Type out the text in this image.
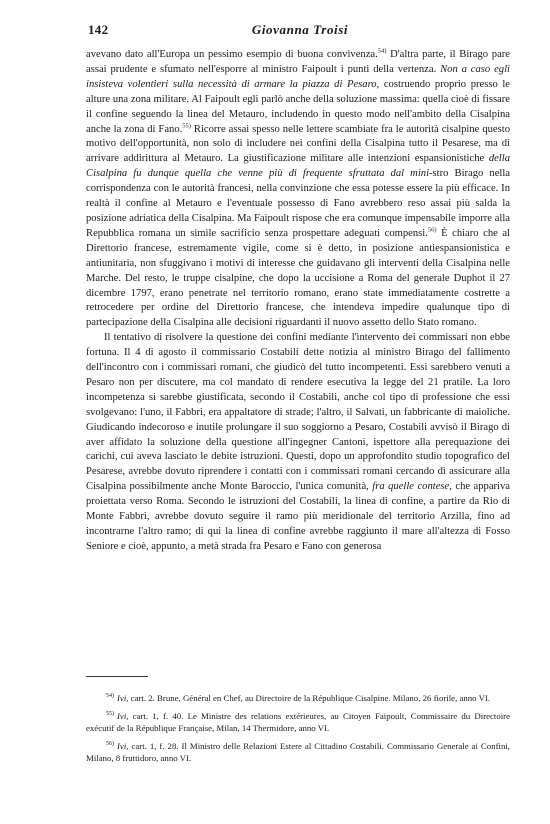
142	Giovanna Troisi

avevano dato all'Europa un pessimo esempio di buona convivenza.$^{54)}$ D'altra parte, il Birago pare assai prudente e sfumato nell'esporre al ministro Faipoult i punti della vertenza. Non a caso egli insisteva volentieri sulla necessità di armare la piazza di Pesaro, costruendo proprio presso le alture una zona militare. Al Faipoult egli parlò anche della soluzione massima: quella cioè di fissare il confine seguendo la linea del Metauro, includendo in questo modo nell'ambito della Cisalpina anche la zona di Fano.$^{55)}$ Ricorre assai spesso nelle lettere scambiate fra le autorità cisalpine questo motivo dell'opportunità, non solo di includere nei confini della Cisalpina tutto il Pesarese, ma di arrivare addirittura al Metauro. La giustificazione militare alle intenzioni espansionistiche della Cisalpina fu dunque quella che venne più di frequente sfruttata dal mini-stro Birago nella corrispondenza con le autorità francesi, nella convinzione che essa potesse essere la più efficace. In realtà il confine al Metauro e l'eventuale possesso di Fano avrebbero reso assai più salda la posizione adriatica della Cisalpina. Ma Faipoult rispose che era comunque impensabile imporre alla Repubblica romana un simile sacrificio senza prospettare adeguati compensi.$^{56)}$ È chiaro che al Direttorio francese, estremamente vigile, come si è detto, in posizione antiespansionistica e antiunitaria, non sfuggivano i motivi di interesse che guidavano gli interventi della Cisalpina nelle Marche. Del resto, le truppe cisalpine, che dopo la uccisione a Roma del generale Duphot il 27 dicembre 1797, erano penetrate nel territorio romano, erano state immediatamente costrette a retrocedere per ordine del Direttorio francese, che intendeva impedire qualunque tipo di partecipazione della Cisalpina alle decisioni riguardanti il nuovo assetto dello Stato romano.

Il tentativo di risolvere la questione dei confini mediante l'intervento dei commissari non ebbe fortuna. Il 4 di agosto il commissario Costabili dette notizia al ministro Birago del fallimento dell'incontro con i commissari romani, che giudicò del tutto incompetenti. Essi sarebbero venuti a Pesaro non per discutere, ma col mandato di rendere esecutiva la legge del 21 pratile. La loro incompetenza si sarebbe giustificata, secondo il Costabili, anche col tipo di professione che essi svolgevano: l'uno, il Fabbri, era appaltatore di strade; l'altro, il Salvati, un fabbricante di maioliche. Giudicando indecoroso e inutile prolungare il suo soggiorno a Pesaro, Costabili avvisò il Birago di aver affidato la soluzione della questione all'ingegner Cantoni, ispettore alla perequazione dei carichi, cui aveva lasciato le debite istruzioni. Questi, dopo un approfondito studio topografico del Pesarese, avrebbe dovuto riprendere i contatti con i commissari romani cercando di assicurare alla Cisalpina possibilmente anche Monte Baroccio, l'unica comunità, fra quelle contese, che appariva proiettata verso Roma. Secondo le istruzioni del Costabili, la linea di confine, a partire da Rio di Monte Fabbri, avrebbe dovuto seguire il ramo più meridionale del territorio Arzilla, fino ad incontrarne l'altro ramo; di qui la linea di confine avrebbe raggiunto il mare all'altezza di Fosso Seniore e cioè, appunto, a metà strada fra Pesaro e Fano con generosa

$^{54)}$ Ivi, cart. 2. Brune, Général en Chef, au Directoire de la République Cisalpine. Milano, 26 fiorile, anno VI.

$^{55)}$ Ivi, cart. 1, f. 40. Le Ministre des relations extérieures, au Citoyen Faipoult, Commissaire du Directoire exécutif de la République Française, Milan, 14 Thermidore, anno VI.

$^{56)}$ Ivi, cart. 1, f. 28. Il Ministro delle Relazioni Estere al Cittadino Costabili. Commissario Generale ai Confini, Milano, 8 fruttidoro, anno VI.
